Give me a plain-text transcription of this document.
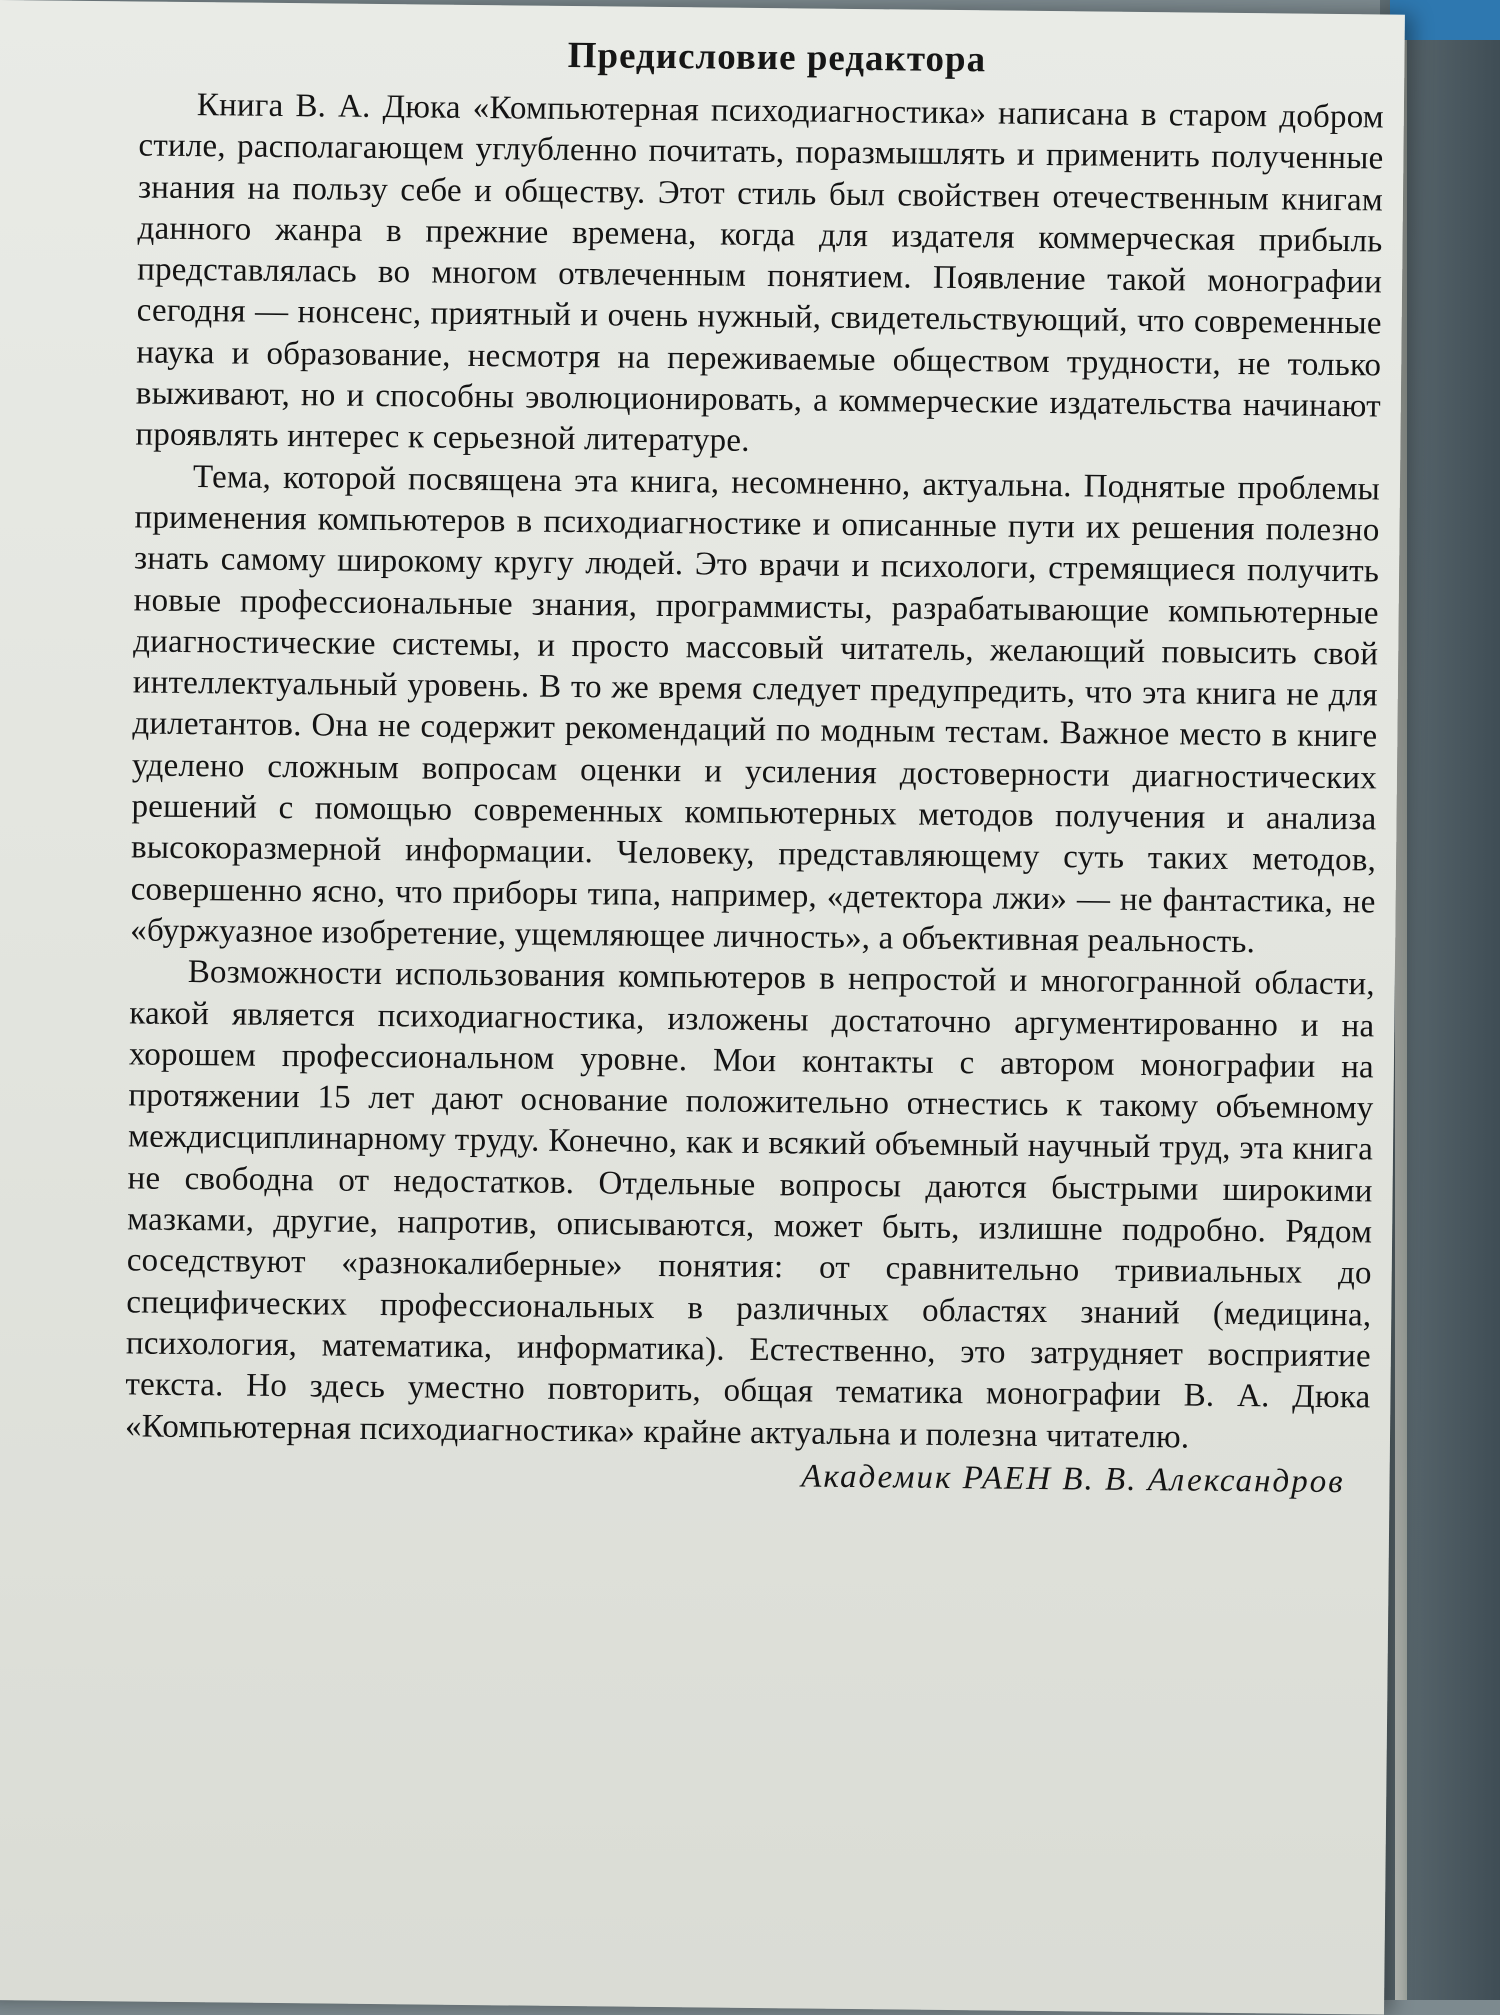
Предисловие редактора

Книга В. А. Дюка «Компьютерная психодиагностика» написана в старом добром стиле, располагающем углубленно почитать, поразмышлять и применить полученные знания на пользу себе и обществу. Этот стиль был свойствен отечественным книгам данного жанра в прежние времена, когда для издателя коммерческая прибыль представлялась во многом отвлеченным понятием. Появление такой монографии сегодня — нонсенс, приятный и очень нужный, свидетельствующий, что современные наука и образование, несмотря на переживаемые обществом трудности, не только выживают, но и способны эволюционировать, а коммерческие издательства начинают проявлять интерес к серьезной литературе.

Тема, которой посвящена эта книга, несомненно, актуальна. Поднятые проблемы применения компьютеров в психодиагностике и описанные пути их решения полезно знать самому широкому кругу людей. Это врачи и психологи, стремящиеся получить новые профессиональные знания, программисты, разрабатывающие компьютерные диагностические системы, и просто массовый читатель, желающий повысить свой интеллектуальный уровень. В то же время следует предупредить, что эта книга не для дилетантов. Она не содержит рекомендаций по модным тестам. Важное место в книге уделено сложным вопросам оценки и усиления достоверности диагностических решений с помощью современных компьютерных методов получения и анализа высокоразмерной информации. Человеку, представляющему суть таких методов, совершенно ясно, что приборы типа, например, «детектора лжи» — не фантастика, не «буржуазное изобретение, ущемляющее личность», а объективная реальность.

Возможности использования компьютеров в непростой и многогранной области, какой является психодиагностика, изложены достаточно аргументированно и на хорошем профессиональном уровне. Мои контакты с автором монографии на протяжении 15 лет дают основание положительно отнестись к такому объемному междисциплинарному труду. Конечно, как и всякий объемный научный труд, эта книга не свободна от недостатков. Отдельные вопросы даются быстрыми широкими мазками, другие, напротив, описываются, может быть, излишне подробно. Рядом соседствуют «разнокалиберные» понятия: от сравнительно тривиальных до специфических профессиональных в различных областях знаний (медицина, психология, математика, информатика). Естественно, это затрудняет восприятие текста. Но здесь уместно повторить, общая тематика монографии В. А. Дюка «Компьютерная психодиагностика» крайне актуальна и полезна читателю.

Академик РАЕН В. В. Александров
